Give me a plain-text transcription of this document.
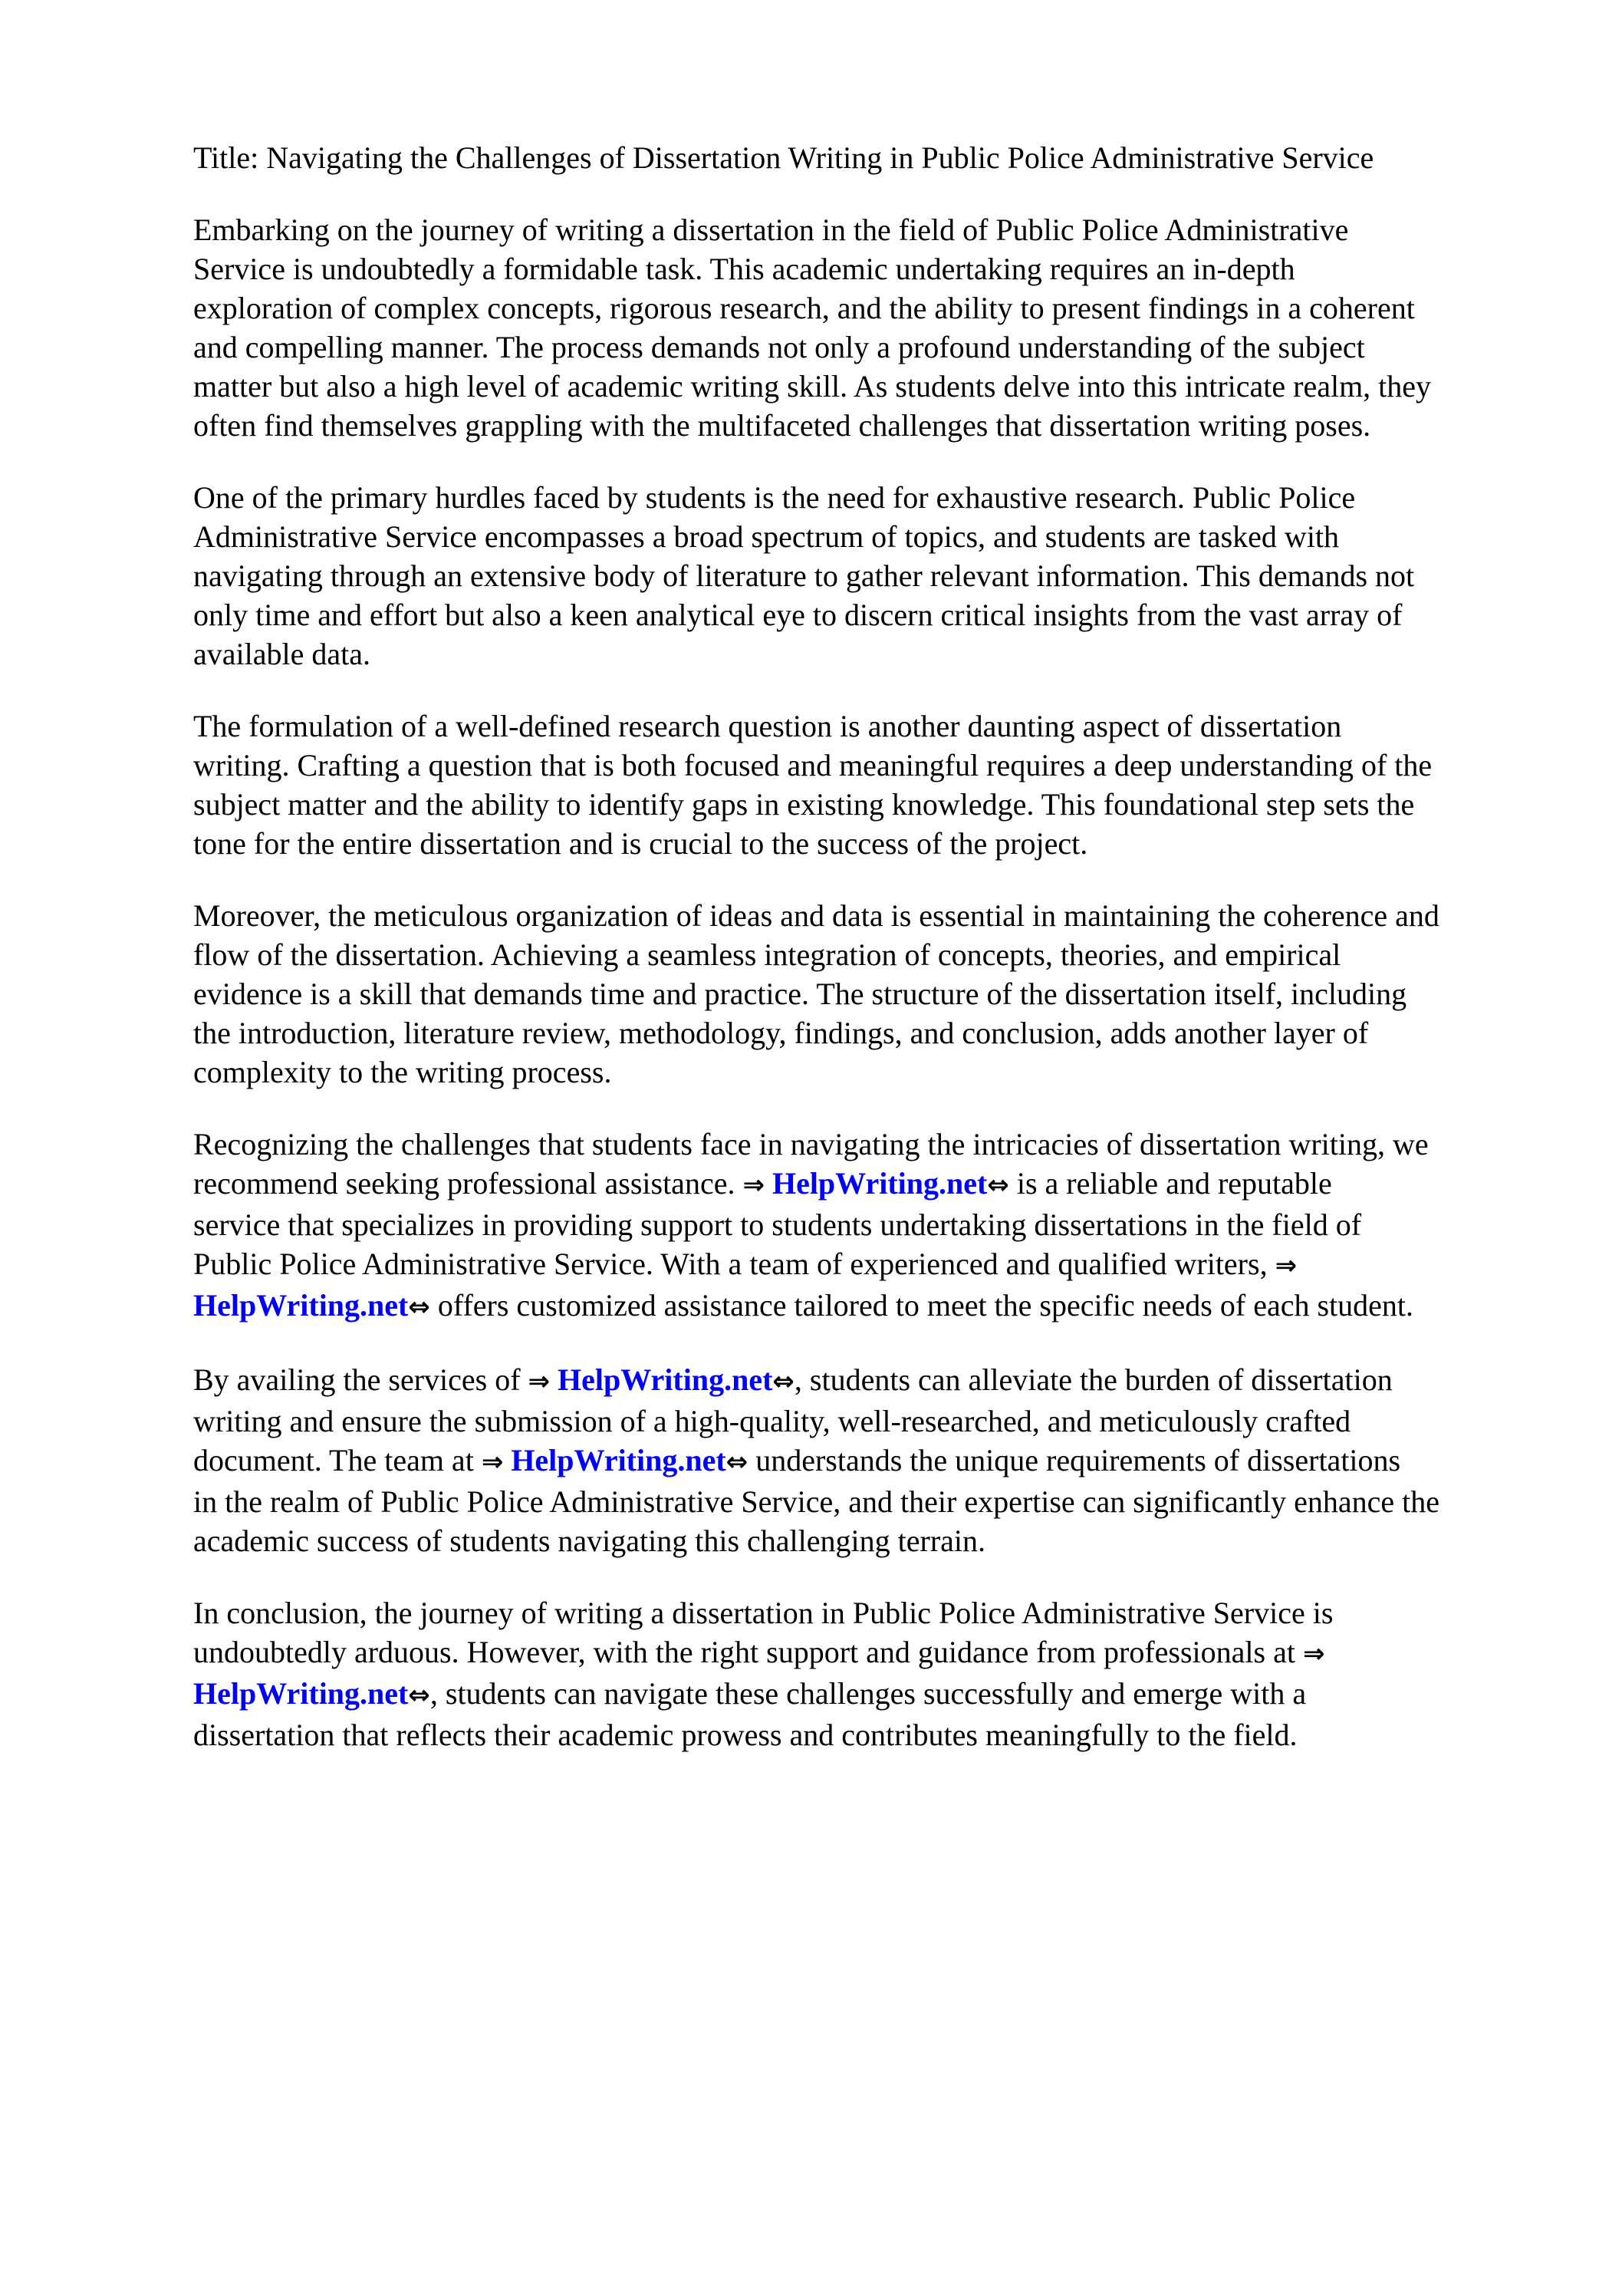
Title: Navigating the Challenges of Dissertation Writing in Public Police Administrative Service
Embarking on the journey of writing a dissertation in the field of Public Police Administrative
Service is undoubtedly a formidable task. This academic undertaking requires an in-depth
exploration of complex concepts, rigorous research, and the ability to present findings in a coherent
and compelling manner. The process demands not only a profound understanding of the subject
matter but also a high level of academic writing skill. As students delve into this intricate realm, they
often find themselves grappling with the multifaceted challenges that dissertation writing poses.
One of the primary hurdles faced by students is the need for exhaustive research. Public Police
Administrative Service encompasses a broad spectrum of topics, and students are tasked with
navigating through an extensive body of literature to gather relevant information. This demands not
only time and effort but also a keen analytical eye to discern critical insights from the vast array of
available data.
The formulation of a well-defined research question is another daunting aspect of dissertation
writing. Crafting a question that is both focused and meaningful requires a deep understanding of the
subject matter and the ability to identify gaps in existing knowledge. This foundational step sets the
tone for the entire dissertation and is crucial to the success of the project.
Moreover, the meticulous organization of ideas and data is essential in maintaining the coherence and
flow of the dissertation. Achieving a seamless integration of concepts, theories, and empirical
evidence is a skill that demands time and practice. The structure of the dissertation itself, including
the introduction, literature review, methodology, findings, and conclusion, adds another layer of
complexity to the writing process.
Recognizing the challenges that students face in navigating the intricacies of dissertation writing, we
recommend seeking professional assistance. ⇒ HelpWriting.net⇔ is a reliable and reputable
service that specializes in providing support to students undertaking dissertations in the field of
Public Police Administrative Service. With a team of experienced and qualified writers, ⇒
HelpWriting.net⇔ offers customized assistance tailored to meet the specific needs of each student.
By availing the services of ⇒ HelpWriting.net⇔, students can alleviate the burden of dissertation
writing and ensure the submission of a high-quality, well-researched, and meticulously crafted
document. The team at ⇒ HelpWriting.net⇔ understands the unique requirements of dissertations
in the realm of Public Police Administrative Service, and their expertise can significantly enhance the
academic success of students navigating this challenging terrain.
In conclusion, the journey of writing a dissertation in Public Police Administrative Service is
undoubtedly arduous. However, with the right support and guidance from professionals at ⇒
HelpWriting.net⇔, students can navigate these challenges successfully and emerge with a
dissertation that reflects their academic prowess and contributes meaningfully to the field.
